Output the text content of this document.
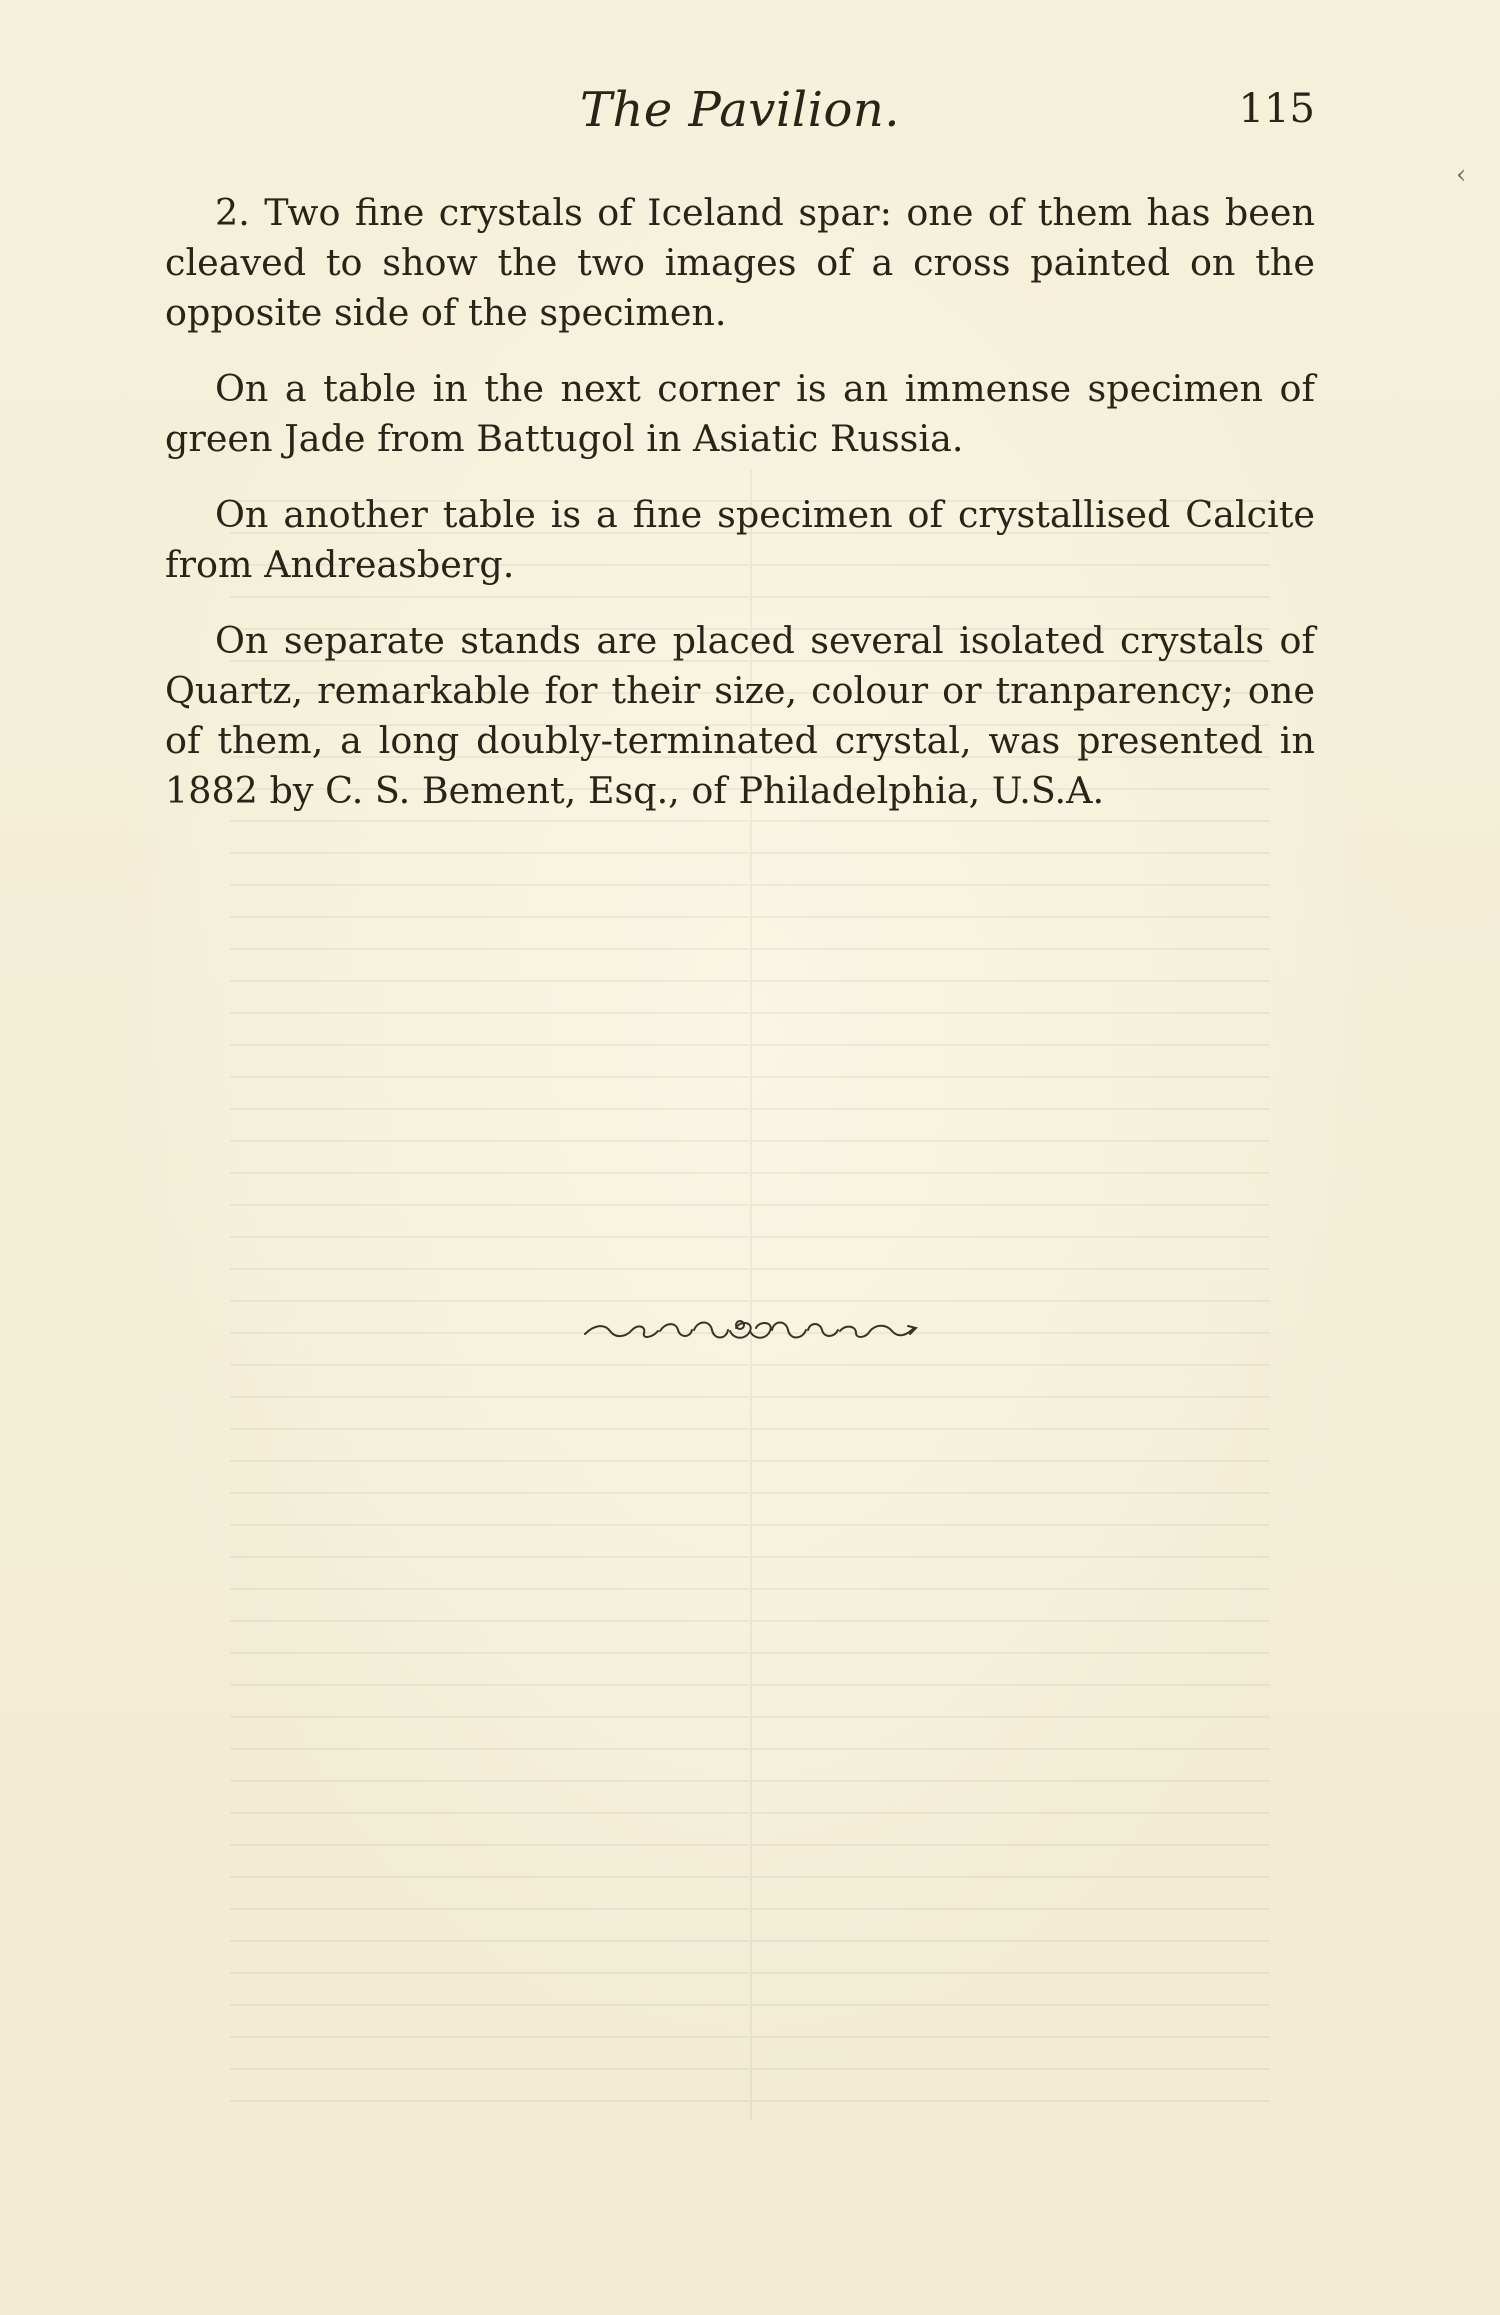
The Pavilion.	115
‹

2. Two fine crystals of Iceland spar: one of them has been cleaved to show the two images of a cross painted on the opposite side of the specimen.

On a table in the next corner is an immense specimen of green Jade from Battugol in Asiatic Russia.

On another table is a fine specimen of crystallised Calcite from Andreasberg.

On separate stands are placed several isolated crystals of Quartz, remarkable for their size, colour or tranparency; one of them, a long doubly-terminated crystal, was presented in 1882 by C. S. Bement, Esq., of Philadelphia, U.S.A.
